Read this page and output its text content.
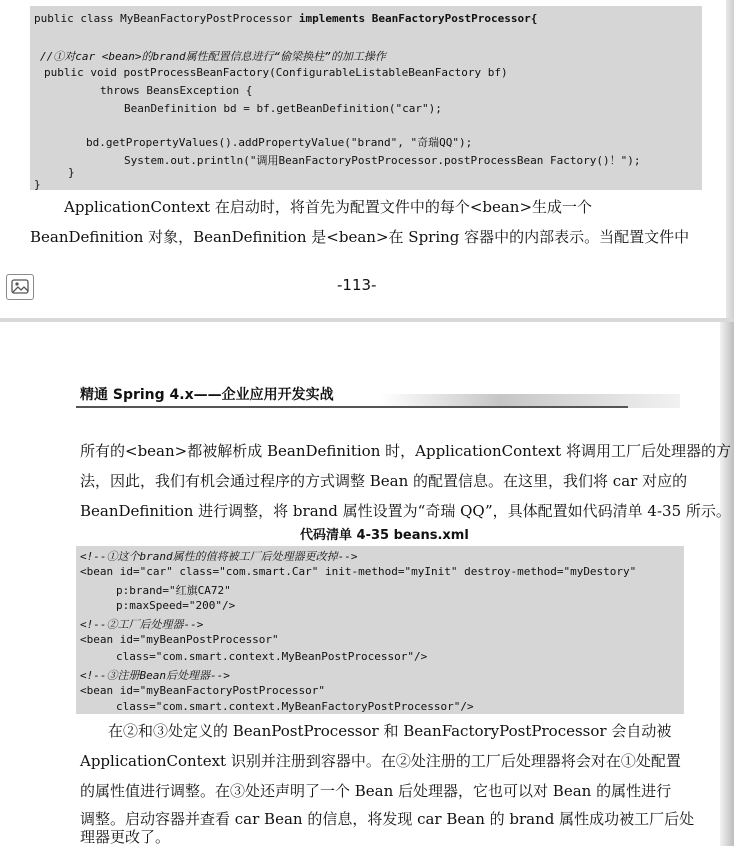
public class MyBeanFactoryPostProcessor implements BeanFactoryPostProcessor{
//①对car <bean>的brand属性配置信息进行“偷梁换柱”的加工操作
public void postProcessBeanFactory(ConfigurableListableBeanFactory bf)
throws BeansException {
BeanDefinition bd = bf.getBeanDefinition("car");
bd.getPropertyValues().addPropertyValue("brand", "奇瑞QQ");
System.out.println("调用BeanFactoryPostProcessor.postProcessBean Factory()！");
}
}
ApplicationContext 在启动时，将首先为配置文件中的每个<bean>生成一个
BeanDefinition 对象，BeanDefinition 是<bean>在 Spring 容器中的内部表示。当配置文件中
-113-
精通 Spring 4.x——企业应用开发实战
所有的<bean>都被解析成 BeanDefinition 时，ApplicationContext 将调用工厂后处理器的方
法，因此，我们有机会通过程序的方式调整 Bean 的配置信息。在这里，我们将 car 对应的
BeanDefinition 进行调整，将 brand 属性设置为“奇瑞 QQ”，具体配置如代码清单 4-35 所示。
代码清单 4-35 beans.xml
<!--①这个brand属性的值将被工厂后处理器更改掉-->
<bean id="car" class="com.smart.Car" init-method="myInit" destroy-method="myDestory"
p:brand="红旗CA72"
p:maxSpeed="200"/>
<!--②工厂后处理器-->
<bean id="myBeanPostProcessor"
class="com.smart.context.MyBeanPostProcessor"/>
<!--③注册Bean后处理器-->
<bean id="myBeanFactoryPostProcessor"
class="com.smart.context.MyBeanFactoryPostProcessor"/>
在②和③处定义的 BeanPostProcessor 和 BeanFactoryPostProcessor 会自动被
ApplicationContext 识别并注册到容器中。在②处注册的工厂后处理器将会对在①处配置
的属性值进行调整。在③处还声明了一个 Bean 后处理器，它也可以对 Bean 的属性进行
调整。启动容器并查看 car Bean 的信息，将发现 car Bean 的 brand 属性成功被工厂后处
理器更改了。
